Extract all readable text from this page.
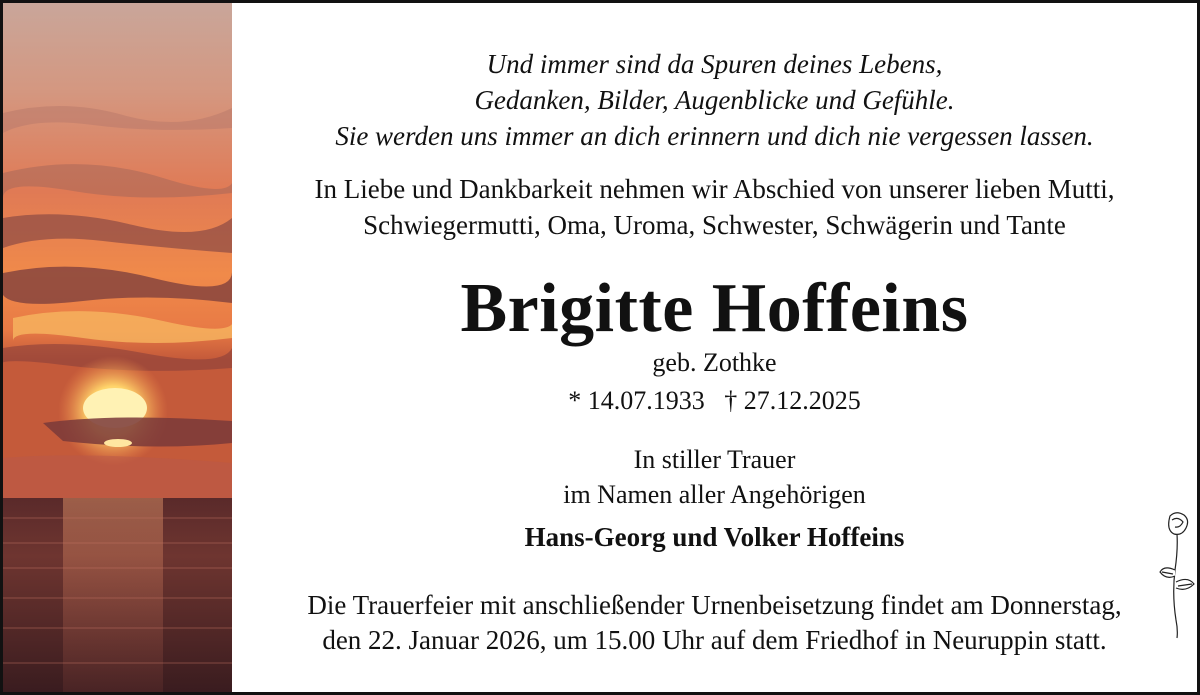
Und immer sind da Spuren deines Lebens,
Gedanken, Bilder, Augenblicke und Gefühle.
Sie werden uns immer an dich erinnern und dich nie vergessen lassen.
In Liebe und Dankbarkeit nehmen wir Abschied von unserer lieben Mutti,
Schwiegermutti, Oma, Uroma, Schwester, Schwägerin und Tante
Brigitte Hoffeins
geb. Zothke
* 14.07.1933   † 27.12.2025
In stiller Trauer
im Namen aller Angehörigen
Hans-Georg und Volker Hoffeins
Die Trauerfeier mit anschließender Urnenbeisetzung findet am Donnerstag,
den 22. Januar 2026, um 15.00 Uhr auf dem Friedhof in Neuruppin statt.
